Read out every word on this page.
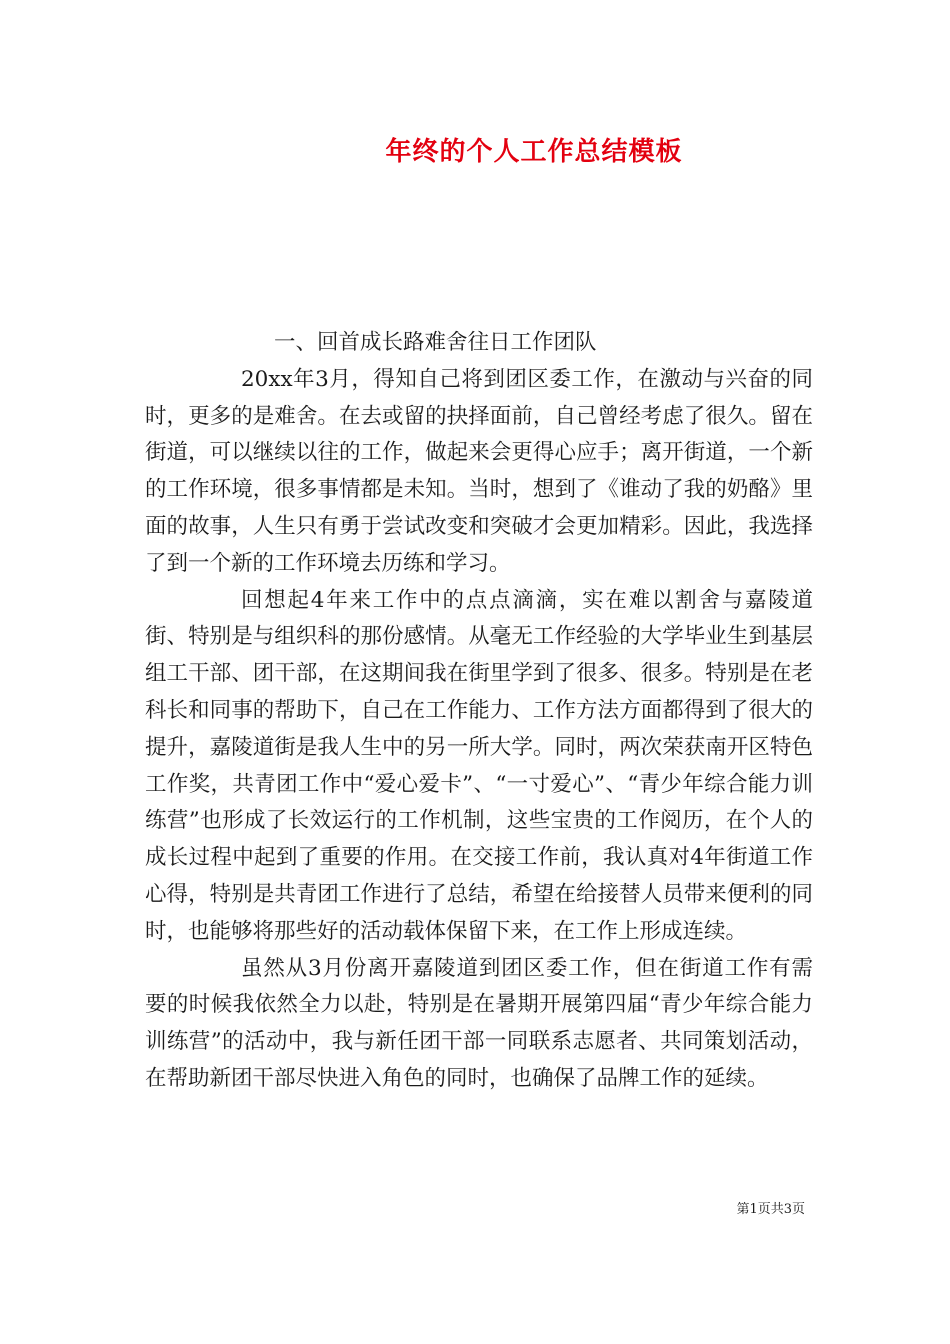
年终的个人工作总结模板

一、回首成长路难舍往日工作团队

20xx年3月，得知自己将到团区委工作，在激动与兴奋的同时，更多的是难舍。在去或留的抉择面前，自己曾经考虑了很久。留在街道，可以继续以往的工作，做起来会更得心应手；离开街道，一个新的工作环境，很多事情都是未知。当时，想到了《谁动了我的奶酪》里面的故事，人生只有勇于尝试改变和突破才会更加精彩。因此，我选择了到一个新的工作环境去历练和学习。

回想起4年来工作中的点点滴滴，实在难以割舍与嘉陵道街、特别是与组织科的那份感情。从毫无工作经验的大学毕业生到基层组工干部、团干部，在这期间我在街里学到了很多、很多。特别是在老科长和同事的帮助下，自己在工作能力、工作方法方面都得到了很大的提升，嘉陵道街是我人生中的另一所大学。同时，两次荣获南开区特色工作奖，共青团工作中“爱心爱卡”、“一寸爱心”、“青少年综合能力训练营”也形成了长效运行的工作机制，这些宝贵的工作阅历，在个人的成长过程中起到了重要的作用。在交接工作前，我认真对4年街道工作心得，特别是共青团工作进行了总结，希望在给接替人员带来便利的同时，也能够将那些好的活动载体保留下来，在工作上形成连续。

虽然从3月份离开嘉陵道到团区委工作，但在街道工作有需要的时候我依然全力以赴，特别是在暑期开展第四届“青少年综合能力训练营”的活动中，我与新任团干部一同联系志愿者、共同策划活动，在帮助新团干部尽快进入角色的同时，也确保了品牌工作的延续。

第1页共3页
